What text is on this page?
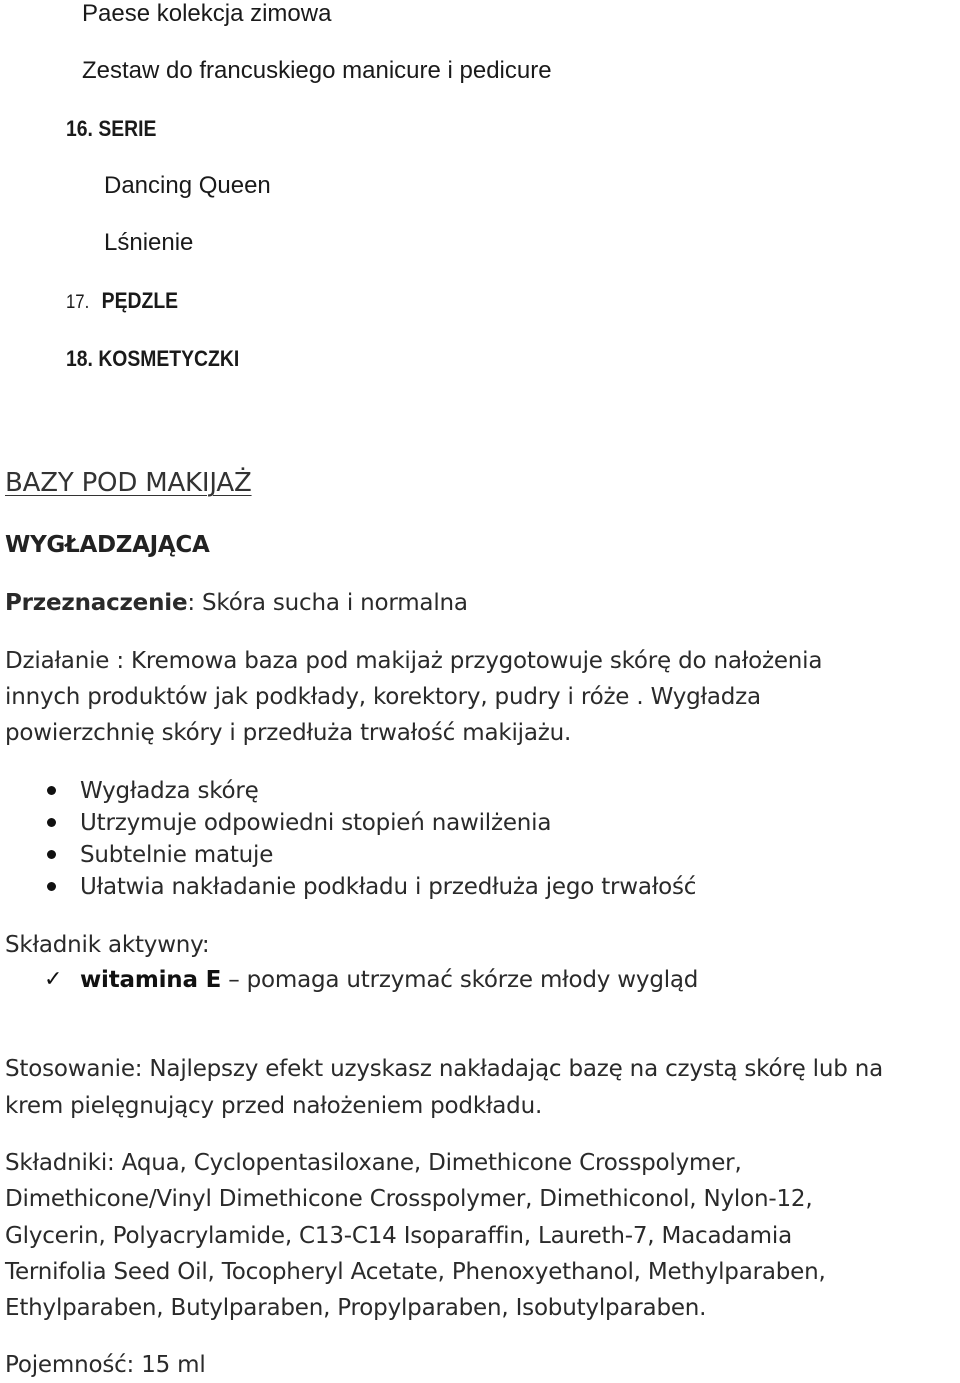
Paese kolekcja zimowa
Zestaw do francuskiego manicure i pedicure
16. SERIE
Dancing Queen
Lśnienie
17. PĘDZLE
18. KOSMETYCZKI
BAZY POD MAKIJAŻ
WYGŁADZAJĄCA
Przeznaczenie: Skóra sucha i normalna
Działanie : Kremowa baza pod makijaż przygotowuje skórę do nałożenia
innych produktów jak podkłady, korektory, pudry i róże . Wygładza
powierzchnię skóry i przedłuża trwałość makijażu.
Wygładza skórę
Utrzymuje odpowiedni stopień nawilżenia
Subtelnie matuje
Ułatwia nakładanie podkładu i przedłuża jego trwałość
Składnik aktywny:
✓ witamina E – pomaga utrzymać skórze młody wygląd
Stosowanie: Najlepszy efekt uzyskasz nakładając bazę na czystą skórę lub na
krem pielęgnujący przed nałożeniem podkładu.
Składniki: Aqua, Cyclopentasiloxane, Dimethicone Crosspolymer,
Dimethicone/Vinyl Dimethicone Crosspolymer, Dimethiconol, Nylon-12,
Glycerin, Polyacrylamide, C13-C14 Isoparaffin, Laureth-7, Macadamia
Ternifolia Seed Oil, Tocopheryl Acetate, Phenoxyethanol, Methylparaben,
Ethylparaben, Butylparaben, Propylparaben, Isobutylparaben.
Pojemność: 15 ml
